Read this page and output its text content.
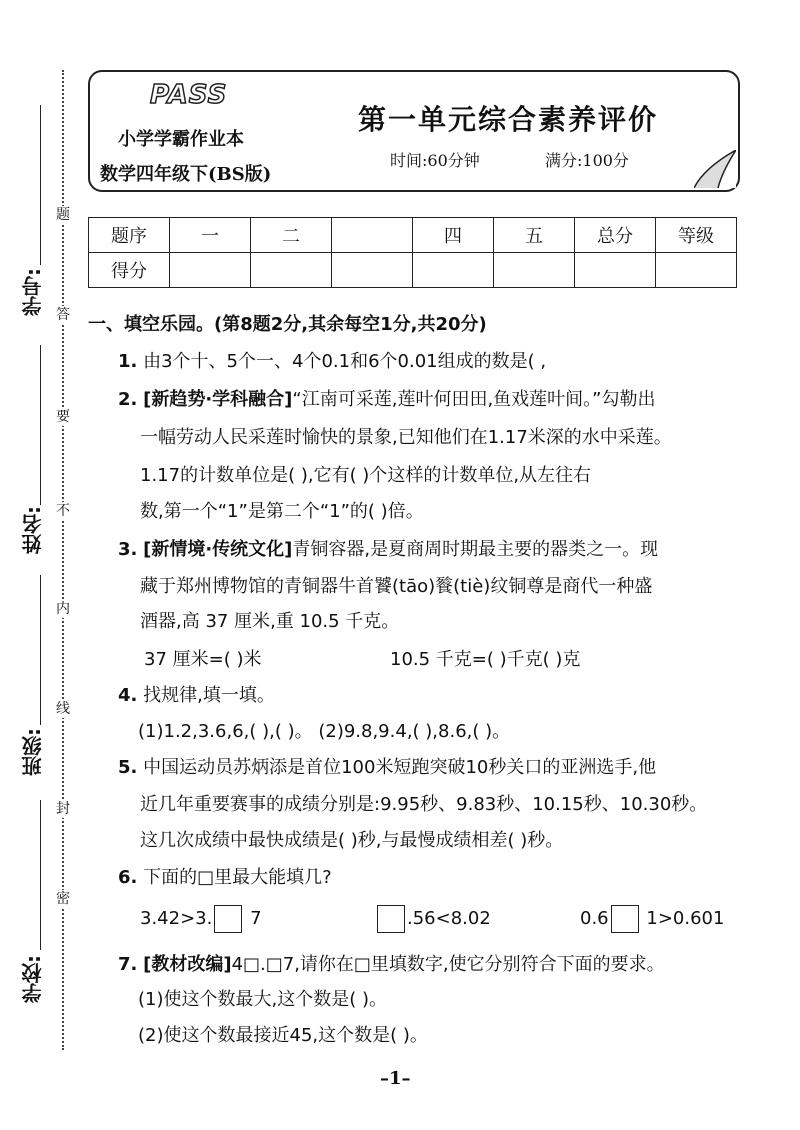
题
答
要
不
内
线
封
密
学号:
姓名:
班级:
学校:
PASS
小学学霸作业本
数学四年级下(BS版)
第一单元综合素养评价
时间:60分钟	满分:100分
题序	一	二		四	五	总分	等级
得分							
一、填空乐园。(第8题2分,其余每空1分,共20分)
1. 由3个十、5个一、4个0.1和6个0.01组成的数是( ,
2. [新趋势·学科融合]“江南可采莲,莲叶何田田,鱼戏莲叶间。”勾勒出
一幅劳动人民采莲时愉快的景象,已知他们在1.17米深的水中采莲。
1.17的计数单位是( ),它有( )个这样的计数单位,从左往右
数,第一个“1”是第二个“1”的( )倍。
3. [新情境·传统文化]青铜容器,是夏商周时期最主要的器类之一。现
藏于郑州博物馆的青铜器牛首饕(tāo)餮(tiè)纹铜尊是商代一种盛
酒器,高 37 厘米,重 10.5 千克。
37 厘米=( )米	10.5 千克=( )千克( )克
4. 找规律,填一填。
(1)1.2,3.6,6,( ),( )。 (2)9.8,9.4,( ),8.6,( )。
5. 中国运动员苏炳添是首位100米短跑突破10秒关口的亚洲选手,他
近几年重要赛事的成绩分别是:9.95秒、9.83秒、10.15秒、10.30秒。
这几次成绩中最快成绩是( )秒,与最慢成绩相差( )秒。
6. 下面的□里最大能填几?
3.42>3. 7	.56<8.02	0.6 1>0.601
7. [教材改编]4□.□7,请你在□里填数字,使它分别符合下面的要求。
(1)使这个数最大,这个数是( )。
(2)使这个数最接近45,这个数是( )。
–1–
